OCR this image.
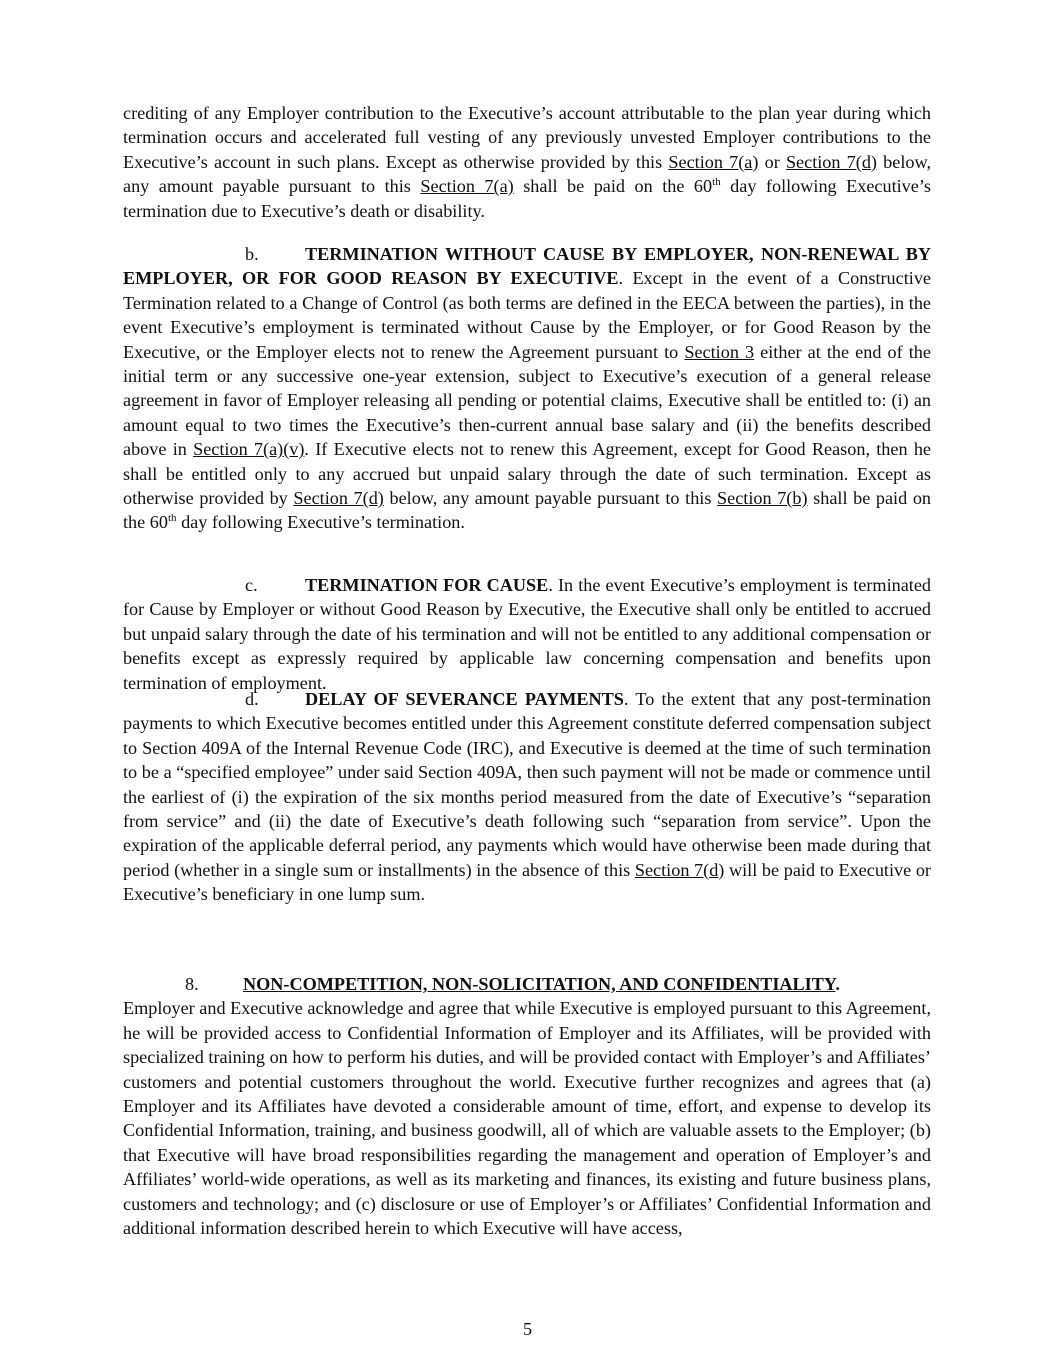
crediting of any Employer contribution to the Executive’s account attributable to the plan year during which termination occurs and accelerated full vesting of any previously unvested Employer contributions to the Executive’s account in such plans. Except as otherwise provided by this Section 7(a) or Section 7(d) below, any amount payable pursuant to this Section 7(a) shall be paid on the 60th day following Executive’s termination due to Executive’s death or disability.

b.	TERMINATION WITHOUT CAUSE BY EMPLOYER, NON-RENEWAL BY EMPLOYER, OR FOR GOOD REASON BY EXECUTIVE. Except in the event of a Constructive Termination related to a Change of Control (as both terms are defined in the EECA between the parties), in the event Executive’s employment is terminated without Cause by the Employer, or for Good Reason by the Executive, or the Employer elects not to renew the Agreement pursuant to Section 3 either at the end of the initial term or any successive one-year extension, subject to Executive’s execution of a general release agreement in favor of Employer releasing all pending or potential claims, Executive shall be entitled to: (i) an amount equal to two times the Executive’s then-current annual base salary and (ii) the benefits described above in Section 7(a)(v). If Executive elects not to renew this Agreement, except for Good Reason, then he shall be entitled only to any accrued but unpaid salary through the date of such termination. Except as otherwise provided by Section 7(d) below, any amount payable pursuant to this Section 7(b) shall be paid on the 60th day following Executive’s termination.

c.	TERMINATION FOR CAUSE. In the event Executive’s employment is terminated for Cause by Employer or without Good Reason by Executive, the Executive shall only be entitled to accrued but unpaid salary through the date of his termination and will not be entitled to any additional compensation or benefits except as expressly required by applicable law concerning compensation and benefits upon termination of employment.

d.	DELAY OF SEVERANCE PAYMENTS. To the extent that any post-termination payments to which Executive becomes entitled under this Agreement constitute deferred compensation subject to Section 409A of the Internal Revenue Code (IRC), and Executive is deemed at the time of such termination to be a “specified employee” under said Section 409A, then such payment will not be made or commence until the earliest of (i) the expiration of the six months period measured from the date of Executive’s “separation from service” and (ii) the date of Executive’s death following such “separation from service”. Upon the expiration of the applicable deferral period, any payments which would have otherwise been made during that period (whether in a single sum or installments) in the absence of this Section 7(d) will be paid to Executive or Executive’s beneficiary in one lump sum.

8. NON-COMPETITION, NON-SOLICITATION, AND CONFIDENTIALITY.

Employer and Executive acknowledge and agree that while Executive is employed pursuant to this Agreement, he will be provided access to Confidential Information of Employer and its Affiliates, will be provided with specialized training on how to perform his duties, and will be provided contact with Employer’s and Affiliates’ customers and potential customers throughout the world. Executive further recognizes and agrees that (a) Employer and its Affiliates have devoted a considerable amount of time, effort, and expense to develop its Confidential Information, training, and business goodwill, all of which are valuable assets to the Employer; (b) that Executive will have broad responsibilities regarding the management and operation of Employer’s and Affiliates’ world-wide operations, as well as its marketing and finances, its existing and future business plans, customers and technology; and (c) disclosure or use of Employer’s or Affiliates’ Confidential Information and additional information described herein to which Executive will have access,

5
